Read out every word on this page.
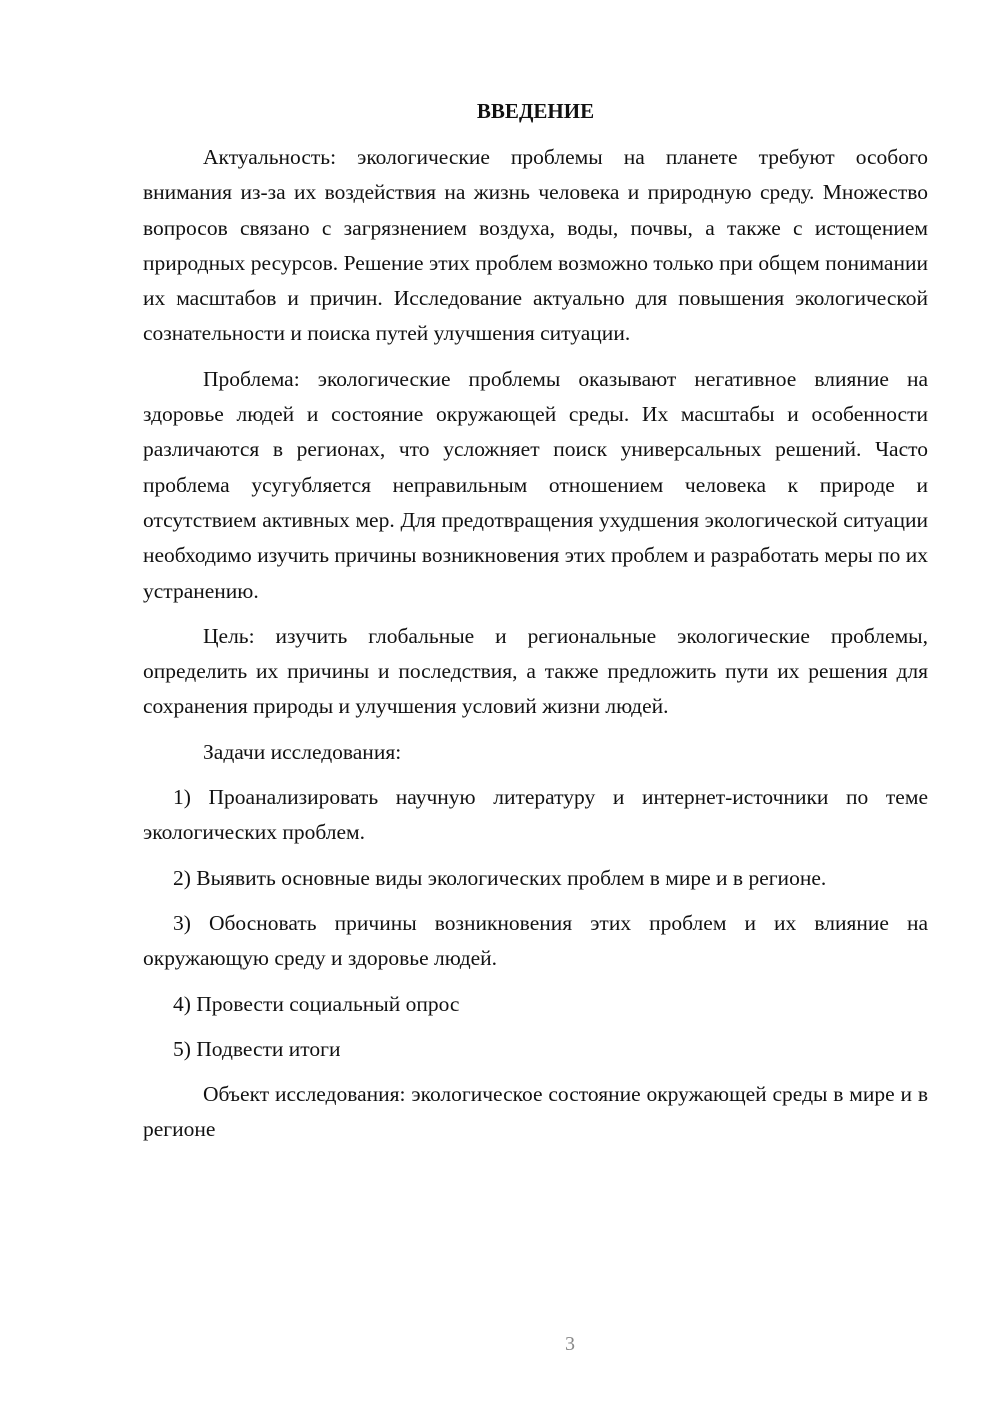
ВВЕДЕНИЕ

Актуальность: экологические проблемы на планете требуют особого внимания из-за их воздействия на жизнь человека и природную среду. Множество вопросов связано с загрязнением воздуха, воды, почвы, а также с истощением природных ресурсов. Решение этих проблем возможно только при общем понимании их масштабов и причин. Исследование актуально для повышения экологической сознательности и поиска путей улучшения ситуации.

Проблема: экологические проблемы оказывают негативное влияние на здоровье людей и состояние окружающей среды. Их масштабы и особенности различаются в регионах, что усложняет поиск универсальных решений. Часто проблема усугубляется неправильным отношением человека к природе и отсутствием активных мер. Для предотвращения ухудшения экологической ситуации необходимо изучить причины возникновения этих проблем и разработать меры по их устранению.

Цель: изучить глобальные и региональные экологические проблемы, определить их причины и последствия, а также предложить пути их решения для сохранения природы и улучшения условий жизни людей.

Задачи исследования:

1) Проанализировать научную литературу и интернет-источники по теме экологических проблем.

2) Выявить основные виды экологических проблем в мире и в регионе.

3) Обосновать причины возникновения этих проблем и их влияние на окружающую среду и здоровье людей.

4) Провести социальный опрос

5) Подвести итоги

Объект исследования: экологическое состояние окружающей среды в мире и в регионе

3
